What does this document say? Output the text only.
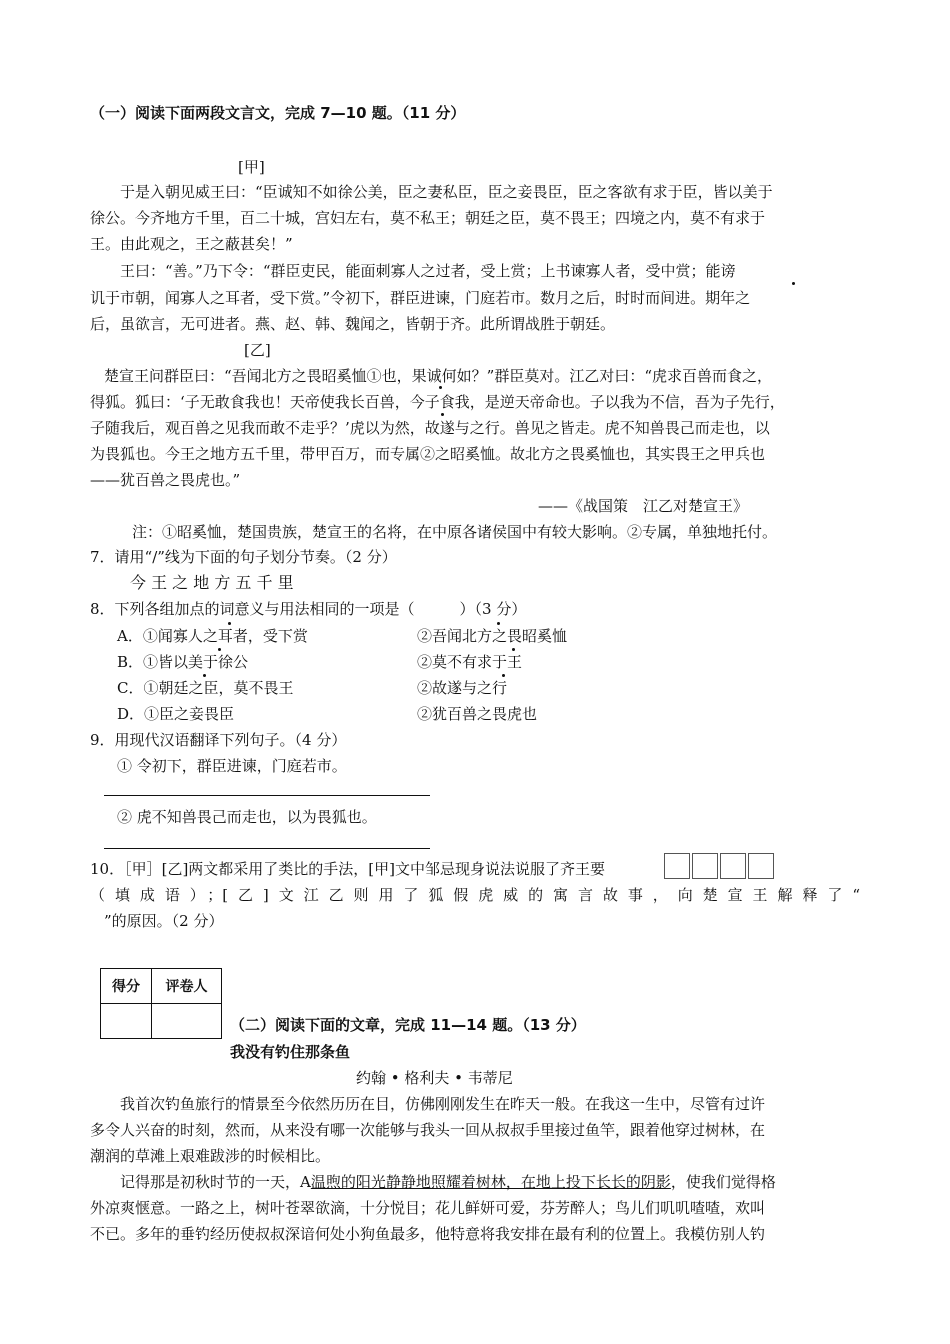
（一）阅读下面两段文言文，完成 7—10 题。（11 分）
[甲]
于是入朝见威王曰：“臣诚知不如徐公美，臣之妻私臣，臣之妾畏臣，臣之客欲有求于臣，皆以美于
徐公。今齐地方千里，百二十城，宫妇左右，莫不私王；朝廷之臣，莫不畏王；四境之内，莫不有求于
王。由此观之，王之蔽甚矣！”
王曰：“善。”乃下令：“群臣吏民，能面刺寡人之过者，受上赏；上书谏寡人者，受中赏；能谤
讥于市朝，闻寡人之耳者，受下赏。”令初下，群臣进谏，门庭若市。数月之后，时时而间进。期年之
后，虽欲言，无可进者。燕、赵、韩、魏闻之，皆朝于齐。此所谓战胜于朝廷。
[乙]
楚宣王问群臣曰：“吾闻北方之畏昭奚恤①也，果诚何如？”群臣莫对。江乙对曰：“虎求百兽而食之，
得狐。狐曰：‘子无敢食我也！天帝使我长百兽，今子食我，是逆天帝命也。子以我为不信，吾为子先行，
子随我后，观百兽之见我而敢不走乎？’虎以为然，故遂与之行。兽见之皆走。虎不知兽畏己而走也，以
为畏狐也。今王之地方五千里，带甲百万，而专属②之昭奚恤。故北方之畏奚恤也，其实畏王之甲兵也
——犹百兽之畏虎也。”
——《战国策　江乙对楚宣王》
注：①昭奚恤，楚国贵族，楚宣王的名将，在中原各诸侯国中有较大影响。②专属，单独地托付。
7．请用“/”线为下面的句子划分节奏。（2 分）
今 王 之 地 方 五 千 里
8．下列各组加点的词意义与用法相同的一项是（　　　）（3 分）
A．①闻寡人之耳者，受下赏	②吾闻北方之畏昭奚恤
B．①皆以美于徐公	②莫不有求于王
C．①朝廷之臣，莫不畏王	②故遂与之行
D．①臣之妾畏臣	②犹百兽之畏虎也
9．用现代汉语翻译下列句子。（4 分）
① 令初下，群臣进谏，门庭若市。
② 虎不知兽畏己而走也，以为畏狐也。
10．［甲］[乙]两文都采用了类比的手法，[甲]文中邹忌现身说法说服了齐王要
（填成语）；[乙]文江乙则用了狐假虎威的寓言故事，向楚宣王解释了“
”的原因。（2 分）
得分	评卷人

（二）阅读下面的文章，完成 11—14 题。（13 分）
我没有钓住那条鱼
约翰 • 格利夫 • 韦蒂尼
我首次钓鱼旅行的情景至今依然历历在目，仿佛刚刚发生在昨天一般。在我这一生中，尽管有过许
多令人兴奋的时刻，然而，从来没有哪一次能够与我头一回从叔叔手里接过鱼竿，跟着他穿过树林，在
潮润的草滩上艰难跋涉的时候相比。
记得那是初秋时节的一天，A温煦的阳光静静地照耀着树林，在地上投下长长的阴影，使我们觉得格
外凉爽惬意。一路之上，树叶苍翠欲滴，十分悦目；花儿鲜妍可爱，芬芳醉人；鸟儿们叽叽喳喳，欢叫
不已。多年的垂钓经历使叔叔深谙何处小狗鱼最多，他特意将我安排在最有利的位置上。我模仿别人钓
